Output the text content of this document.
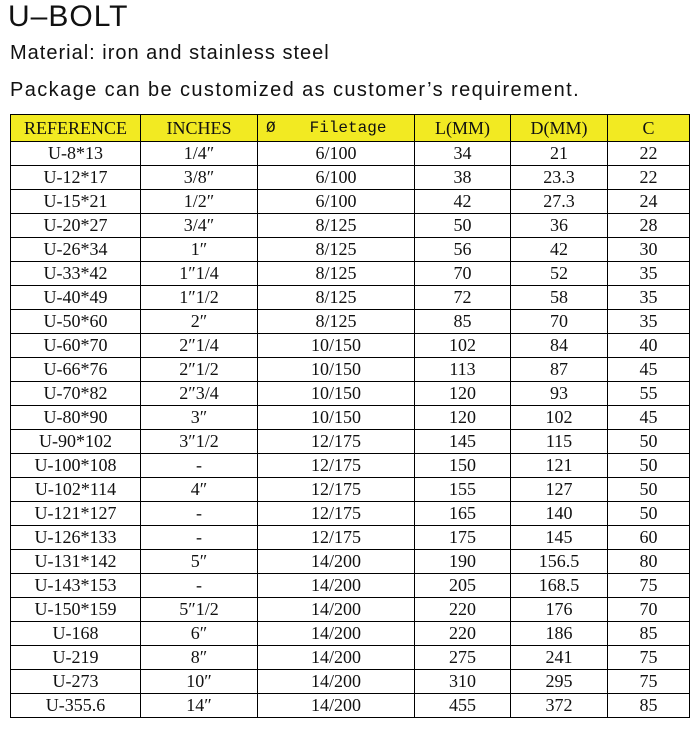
U–BOLT
Material: iron and stainless steel
Package can be customized as customer’s requirement.
REFERENCE	INCHES	Ø Filetage	L(MM)	D(MM)	C
U-8*13	1/4″	6/100	34	21	22
U-12*17	3/8″	6/100	38	23.3	22
U-15*21	1/2″	6/100	42	27.3	24
U-20*27	3/4″	8/125	50	36	28
U-26*34	1″	8/125	56	42	30
U-33*42	1″1/4	8/125	70	52	35
U-40*49	1″1/2	8/125	72	58	35
U-50*60	2″	8/125	85	70	35
U-60*70	2″1/4	10/150	102	84	40
U-66*76	2″1/2	10/150	113	87	45
U-70*82	2″3/4	10/150	120	93	55
U-80*90	3″	10/150	120	102	45
U-90*102	3″1/2	12/175	145	115	50
U-100*108	-	12/175	150	121	50
U-102*114	4″	12/175	155	127	50
U-121*127	-	12/175	165	140	50
U-126*133	-	12/175	175	145	60
U-131*142	5″	14/200	190	156.5	80
U-143*153	-	14/200	205	168.5	75
U-150*159	5″1/2	14/200	220	176	70
U-168	6″	14/200	220	186	85
U-219	8″	14/200	275	241	75
U-273	10″	14/200	310	295	75
U-355.6	14″	14/200	455	372	85
